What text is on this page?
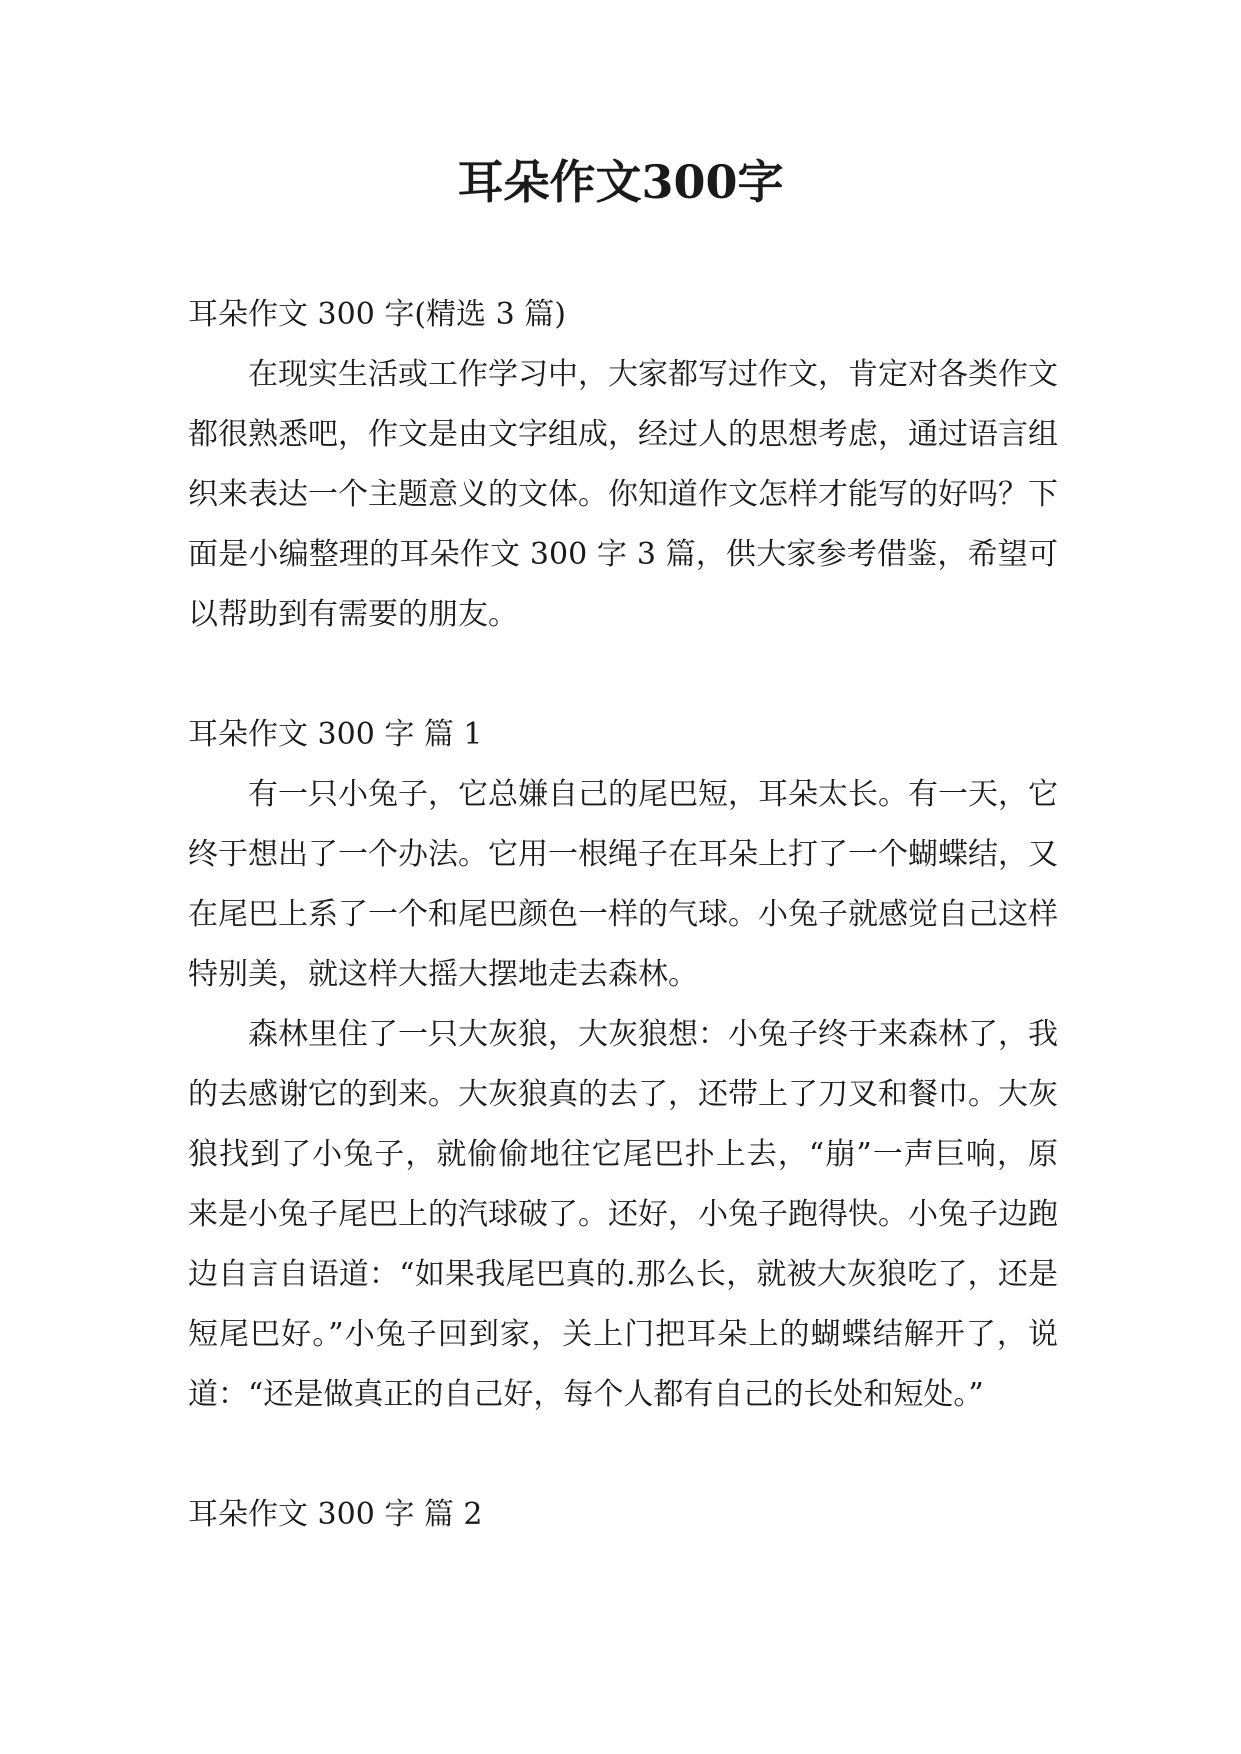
耳朵作文300字

耳朵作文 300 字(精选 3 篇)

在现实生活或工作学习中，大家都写过作文，肯定对各类作文都很熟悉吧，作文是由文字组成，经过人的思想考虑，通过语言组织来表达一个主题意义的文体。你知道作文怎样才能写的好吗？下面是小编整理的耳朵作文 300 字 3 篇，供大家参考借鉴，希望可以帮助到有需要的朋友。

耳朵作文 300 字 篇 1

有一只小兔子，它总嫌自己的尾巴短，耳朵太长。有一天，它终于想出了一个办法。它用一根绳子在耳朵上打了一个蝴蝶结，又在尾巴上系了一个和尾巴颜色一样的气球。小兔子就感觉自己这样特别美，就这样大摇大摆地走去森林。

森林里住了一只大灰狼，大灰狼想：小兔子终于来森林了，我的去感谢它的到来。大灰狼真的去了，还带上了刀叉和餐巾。大灰狼找到了小兔子，就偷偷地往它尾巴扑上去，“崩”一声巨响，原来是小兔子尾巴上的汽球破了。还好，小兔子跑得快。小兔子边跑边自言自语道：“如果我尾巴真的.那么长，就被大灰狼吃了，还是短尾巴好。”小兔子回到家，关上门把耳朵上的蝴蝶结解开了，说道：“还是做真正的自己好，每个人都有自己的长处和短处。”

耳朵作文 300 字 篇 2
